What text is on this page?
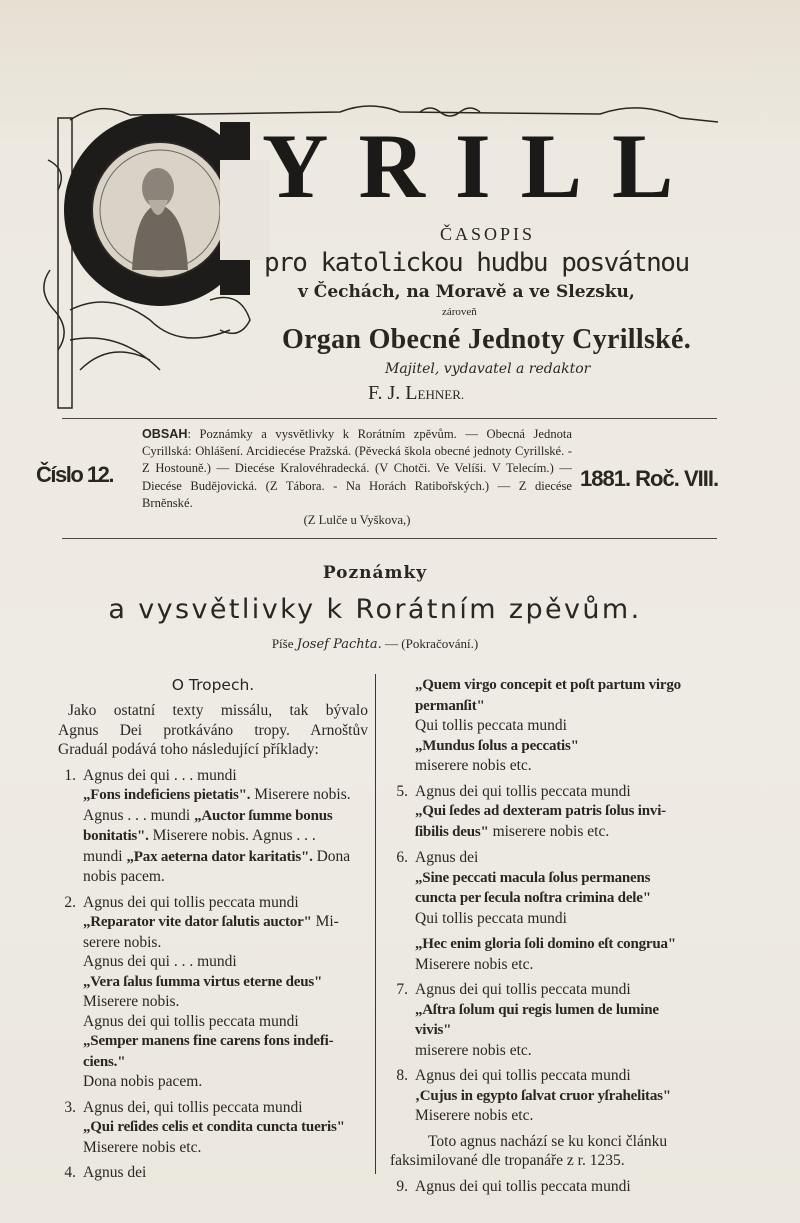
YRILL
ČASOPIS
pro katolickou hudbu posvátnou
v Čechách, na Moravě a ve Slezsku,
zároveň
Organ Obecné Jednoty Cyrillské.
Majitel, vydavatel a redaktor
F. J. LEHNER.
Číslo 12.
OBSAH: Poznámky a vysvětlivky k Rorátním zpěvům. — Obecná Jednota Cyrillská: Ohlášení. Arcidiecése Pražská. (Pěvecká škola obecné jednoty Cyrillské. - Z Hostouně.) — Diecése Kralovéhradecká. (V Chotči. Ve Velíši. V Telecím.) — Diecése Budějovická. (Z Tábora. - Na Horách Ratibořských.) — Z diecése Brněnské.
(Z Lulče u Vyškova,)
1881. Roč. VIII.
Poznámky
a vysvětlivky k Rorátním zpěvům.
Píše Josef Pachta. — (Pokračování.)
O Tropech.
Jako ostatní texty missálu, tak bývalo
Agnus Dei protkáváno tropy. Arnoštův
Graduál podává toho následující příklady:
1. Agnus dei qui . . . mundi
„Fons indeficiens pietatis". Miserere nobis.
Agnus . . . mundi „Auctor ſumme bonus
bonitatis". Miserere nobis. Agnus . . .
mundi „Pax aeterna dator karitatis". Dona
nobis pacem.
2. Agnus dei qui tollis peccata mundi
„Reparator vite dator ſalutis auctor" Mi-
serere nobis.
Agnus dei qui . . . mundi
„Vera ſalus ſumma virtus eterne deus"
Miserere nobis.
Agnus dei qui tollis peccata mundi
„Semper manens fine carens fons indefi-
ciens."
Dona nobis pacem.
3. Agnus dei, qui tollis peccata mundi
„Qui reſides celis et condita cuncta tueris"
Miserere nobis etc.
4. Agnus dei
„Quem virgo concepit et poſt partum virgo
permanſit"
Qui tollis peccata mundi
„Mundus ſolus a peccatis"
miserere nobis etc.
5. Agnus dei qui tollis peccata mundi
„Qui ſedes ad dexteram patris ſolus invi-
ſibilis deus" miserere nobis etc.
6. Agnus dei
„Sine peccati macula ſolus permanens
cuncta per ſecula noſtra crimina dele"
Qui tollis peccata mundi
„Hec enim gloria ſoli domino eſt congrua"
Miserere nobis etc.
7. Agnus dei qui tollis peccata mundi
„Aſtra ſolum qui regis lumen de lumine
vivis"
miserere nobis etc.
8. Agnus dei qui tollis peccata mundi
‚Cujus in egypto ſalvat cruor yſrahelitas"
Miserere nobis etc.
Toto agnus nachází se ku konci článku
faksimilované dle tropanáře z r. 1235.
9. Agnus dei qui tollis peccata mundi
